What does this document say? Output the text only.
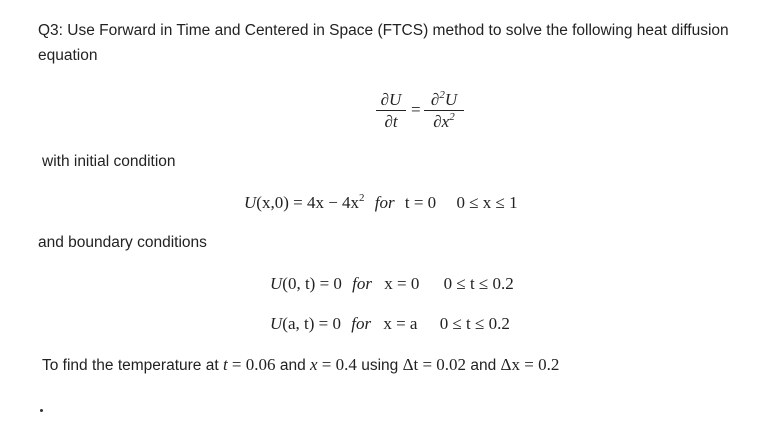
Q3: Use Forward in Time and Centered in Space (FTCS) method to solve the following heat diffusion
equation
∂U
∂t
=
∂$^2$U
$\partial x^2$
with initial condition
$U(x,0) = 4x - 4x^2$ for t = 0 0 ≤ x ≤ 1
and boundary conditions
U(0, t) = 0 for x = 0 0 ≤ t ≤ 0.2
U(a, t) = 0 for x = a 0 ≤ t ≤ 0.2
To find the temperature at t = 0.06 and x = 0.4 using Δt = 0.02 and Δx = 0.2
